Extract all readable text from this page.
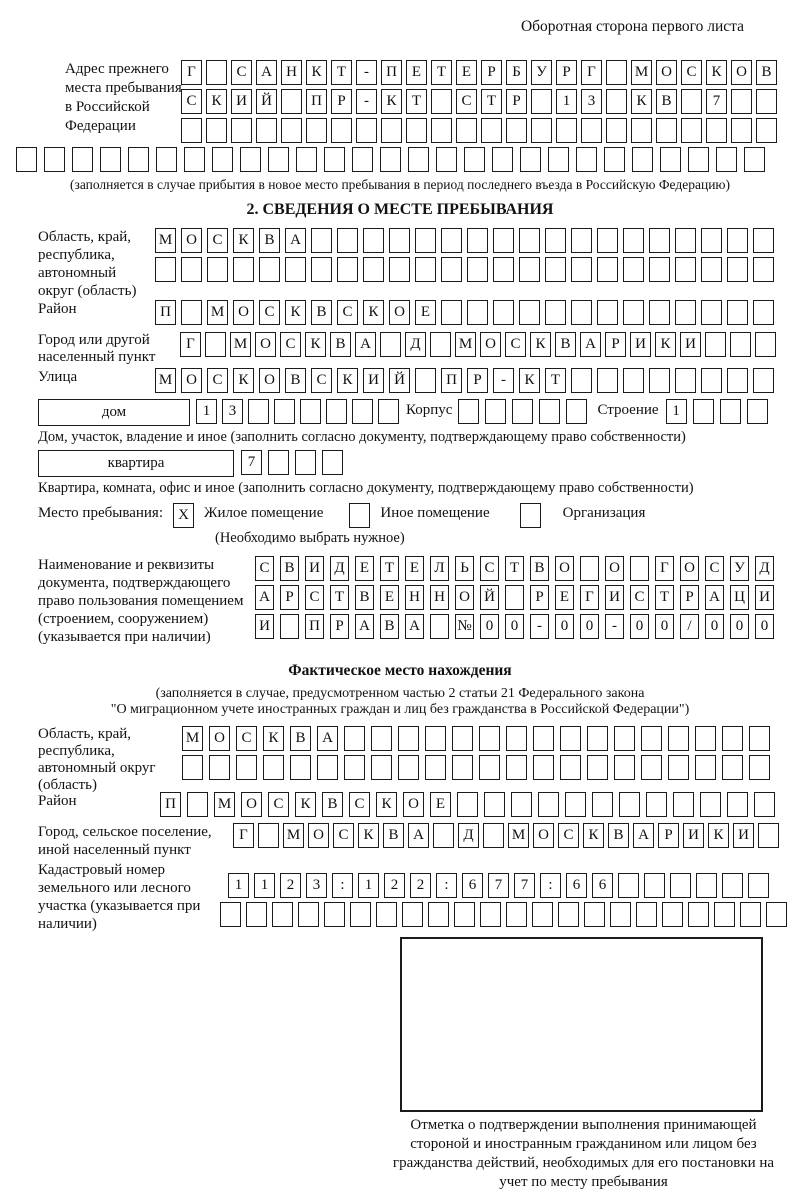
Оборотная сторона первого листа
Адрес прежнего места пребывания в Российской Федерации
Г	С А Н К	Т	-	П Е	Т	Е	Р	Б	У	Р	Г	М О С К О В
С К И Й	П	Р	-	К	Т	С	Т	Р	1	3	К В	7
(заполняется в случае прибытия в новое место пребывания в период последнего въезда в Российскую Федерацию)
2. СВЕДЕНИЯ О МЕСТЕ ПРЕБЫВАНИЯ
Область, край, республика, автономный округ (область)
М О	С	К	В	А
Район	П	М О	С	К	В	С	К	О	Е
Город или другой населенный пункт
Г	М О С К В А	Д	М О С К В А	Р	И К И
Улица	М О	С	К	О	В	С	К	И	Й	П	Р	-	К	Т
дом	1	3	Корпус	Строение 1
Дом, участок, владение и иное (заполнить согласно документу, подтверждающему право собственности)
квартира	7
Квартира, комната, офис и иное (заполнить согласно документу, подтверждающему право собственности)
Место пребывания:	X	Жилое помещение	Иное помещение	Организация
(Необходимо выбрать нужное)
Наименование и реквизиты документа, подтверждающего право пользования помещением (строением, сооружением) (указывается при наличии)
С В И Д	Е	Т	Е	Л	Ь	С	Т	В О	О	Г	О С У Д
А	Р	С	Т	В	Е	Н Н О Й	Р	Е	Г	И С	Т	Р	А Ц И
И	П	Р	А В А № 0	0	-	0	0	-	0	0	/	0	0	0
Фактическое место нахождения
(заполняется в случае, предусмотренном частью 2 статьи 21 Федерального закона
"О миграционном учете иностранных граждан и лиц без гражданства в Российской Федерации")
Область, край, республика, автономный округ (область)
М О	С	К	В	А
Район	П	М О	С	К	В	С	К	О	Е
Город, сельское поселение, иной населенный пункт
Г	М О С К В А	Д	М О С К В А	Р	И К И
Кадастровый номер земельного или лесного участка (указывается при наличии)
1	1	2	3	:	1	2	2	:	6	7	7	:	6	6
Отметка о подтверждении выполнения принимающей стороной и иностранным гражданином или лицом без гражданства действий, необходимых для его постановки на учет по месту пребывания
